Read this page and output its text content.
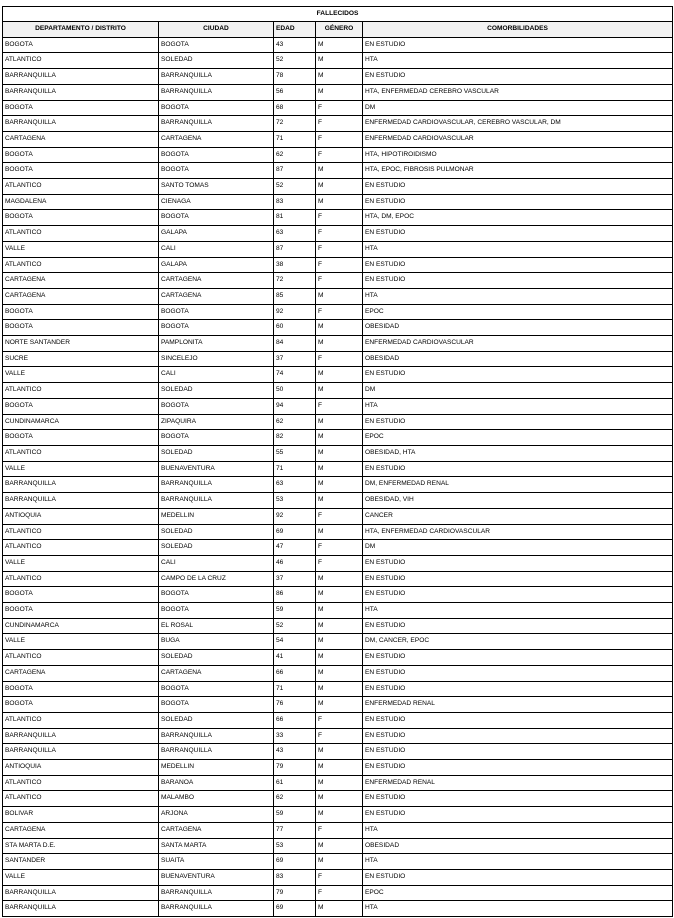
FALLECIDOS				
DEPARTAMENTO / DISTRITO	CIUDAD	EDAD	GÉNERO	COMORBILIDADES
BOGOTA	BOGOTA	43	M	EN ESTUDIO
ATLANTICO	SOLEDAD	52	M	HTA
BARRANQUILLA	BARRANQUILLA	78	M	EN ESTUDIO
BARRANQUILLA	BARRANQUILLA	56	M	HTA, ENFERMEDAD CEREBRO VASCULAR
BOGOTA	BOGOTA	68	F	DM
BARRANQUILLA	BARRANQUILLA	72	F	ENFERMEDAD CARDIOVASCULAR, CEREBRO VASCULAR, DM
CARTAGENA	CARTAGENA	71	F	ENFERMEDAD CARDIOVASCULAR
BOGOTA	BOGOTA	62	F	HTA, HIPOTIROIDISMO
BOGOTA	BOGOTA	87	M	HTA, EPOC, FIBROSIS PULMONAR
ATLANTICO	SANTO TOMAS	52	M	EN ESTUDIO
MAGDALENA	CIENAGA	83	M	EN ESTUDIO
BOGOTA	BOGOTA	81	F	HTA, DM, EPOC
ATLANTICO	GALAPA	63	F	EN ESTUDIO
VALLE	CALI	87	F	HTA
ATLANTICO	GALAPA	38	F	EN ESTUDIO
CARTAGENA	CARTAGENA	72	F	EN ESTUDIO
CARTAGENA	CARTAGENA	85	M	HTA
BOGOTA	BOGOTA	92	F	EPOC
BOGOTA	BOGOTA	60	M	OBESIDAD
NORTE SANTANDER	PAMPLONITA	84	M	ENFERMEDAD CARDIOVASCULAR
SUCRE	SINCELEJO	37	F	OBESIDAD
VALLE	CALI	74	M	EN ESTUDIO
ATLANTICO	SOLEDAD	50	M	DM
BOGOTA	BOGOTA	94	F	HTA
CUNDINAMARCA	ZIPAQUIRA	62	M	EN ESTUDIO
BOGOTA	BOGOTA	82	M	EPOC
ATLANTICO	SOLEDAD	55	M	OBESIDAD, HTA
VALLE	BUENAVENTURA	71	M	EN ESTUDIO
BARRANQUILLA	BARRANQUILLA	63	M	DM, ENFERMEDAD RENAL
BARRANQUILLA	BARRANQUILLA	53	M	OBESIDAD, VIH
ANTIOQUIA	MEDELLIN	92	F	CANCER
ATLANTICO	SOLEDAD	69	M	HTA, ENFERMEDAD CARDIOVASCULAR
ATLANTICO	SOLEDAD	47	F	DM
VALLE	CALI	46	F	EN ESTUDIO
ATLANTICO	CAMPO DE LA CRUZ	37	M	EN ESTUDIO
BOGOTA	BOGOTA	86	M	EN ESTUDIO
BOGOTA	BOGOTA	59	M	HTA
CUNDINAMARCA	EL ROSAL	52	M	EN ESTUDIO
VALLE	BUGA	54	M	DM, CANCER, EPOC
ATLANTICO	SOLEDAD	41	M	EN ESTUDIO
CARTAGENA	CARTAGENA	66	M	EN ESTUDIO
BOGOTA	BOGOTA	71	M	EN ESTUDIO
BOGOTA	BOGOTA	76	M	ENFERMEDAD RENAL
ATLANTICO	SOLEDAD	66	F	EN ESTUDIO
BARRANQUILLA	BARRANQUILLA	33	F	EN ESTUDIO
BARRANQUILLA	BARRANQUILLA	43	M	EN ESTUDIO
ANTIOQUIA	MEDELLIN	79	M	EN ESTUDIO
ATLANTICO	BARANOA	61	M	ENFERMEDAD RENAL
ATLANTICO	MALAMBO	62	M	EN ESTUDIO
BOLIVAR	ARJONA	59	M	EN ESTUDIO
CARTAGENA	CARTAGENA	77	F	HTA
STA MARTA D.E.	SANTA MARTA	53	M	OBESIDAD
SANTANDER	SUAITA	69	M	HTA
VALLE	BUENAVENTURA	83	F	EN ESTUDIO
BARRANQUILLA	BARRANQUILLA	79	F	EPOC
BARRANQUILLA	BARRANQUILLA	69	M	HTA
